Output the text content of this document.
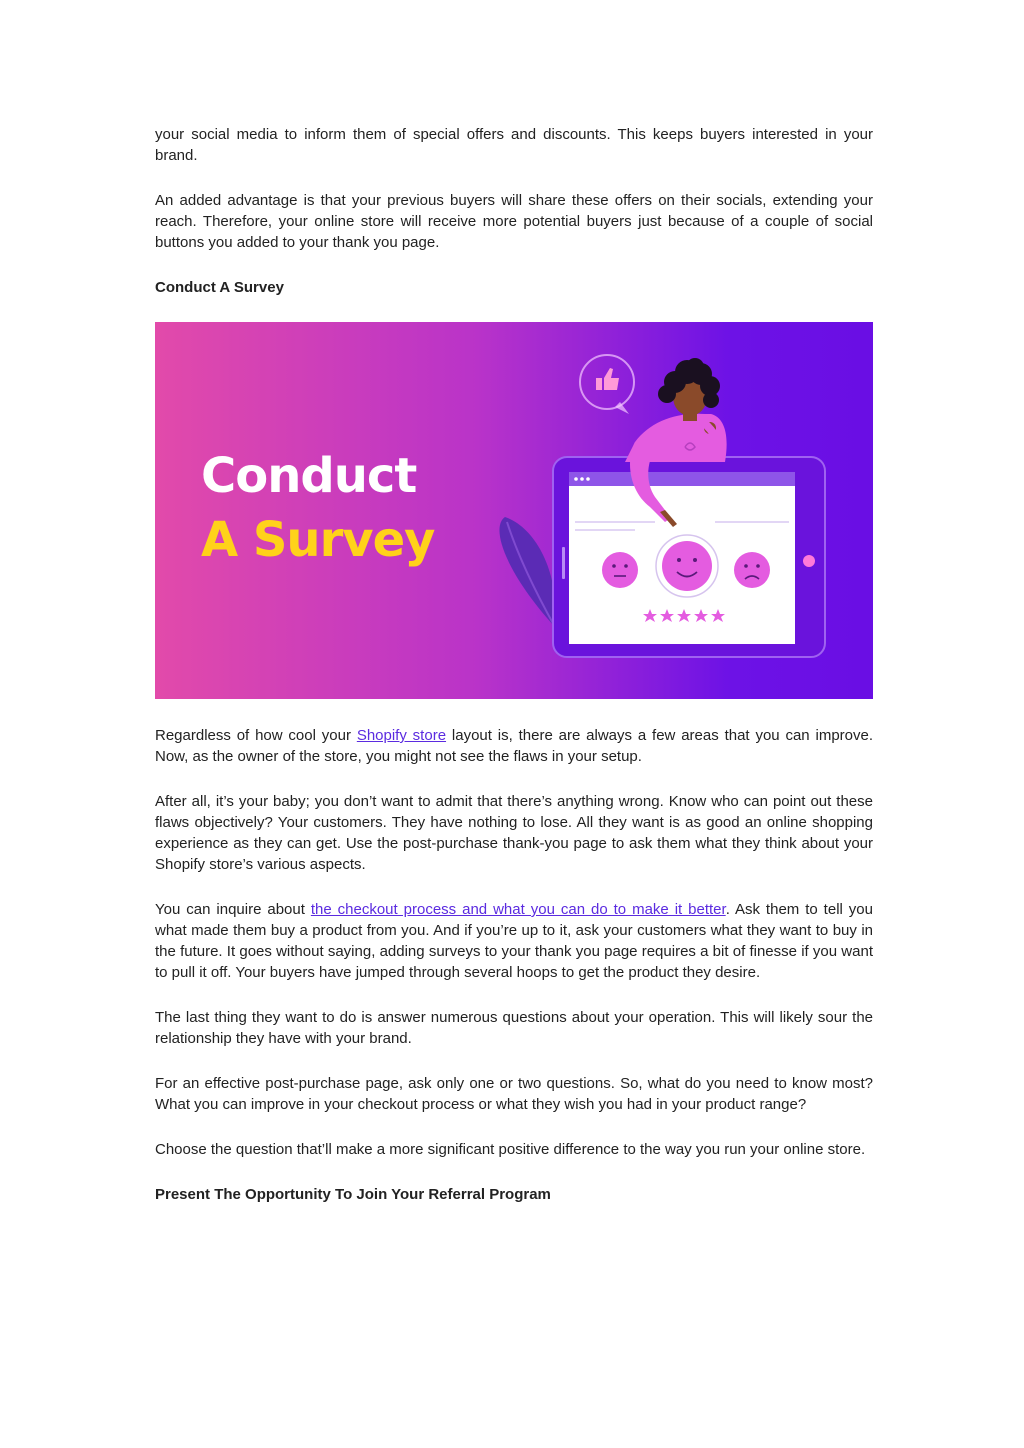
your social media to inform them of special offers and discounts. This keeps buyers interested in your brand.

An added advantage is that your previous buyers will share these offers on their socials, extending your reach. Therefore, your online store will receive more potential buyers just because of a couple of social buttons you added to your thank you page.

Conduct A Survey
Conduct
A Survey

Regardless of how cool your Shopify store layout is, there are always a few areas that you can improve. Now, as the owner of the store, you might not see the flaws in your setup.

After all, it’s your baby; you don’t want to admit that there’s anything wrong. Know who can point out these flaws objectively? Your customers. They have nothing to lose. All they want is as good an online shopping experience as they can get. Use the post-purchase thank-you page to ask them what they think about your Shopify store’s various aspects.

You can inquire about the checkout process and what you can do to make it better. Ask them to tell you what made them buy a product from you. And if you’re up to it, ask your customers what they want to buy in the future. It goes without saying, adding surveys to your thank you page requires a bit of finesse if you want to pull it off. Your buyers have jumped through several hoops to get the product they desire.

The last thing they want to do is answer numerous questions about your operation. This will likely sour the relationship they have with your brand.

For an effective post-purchase page, ask only one or two questions. So, what do you need to know most? What you can improve in your checkout process or what they wish you had in your product range?

Choose the question that’ll make a more significant positive difference to the way you run your online store.

Present The Opportunity To Join Your Referral Program
